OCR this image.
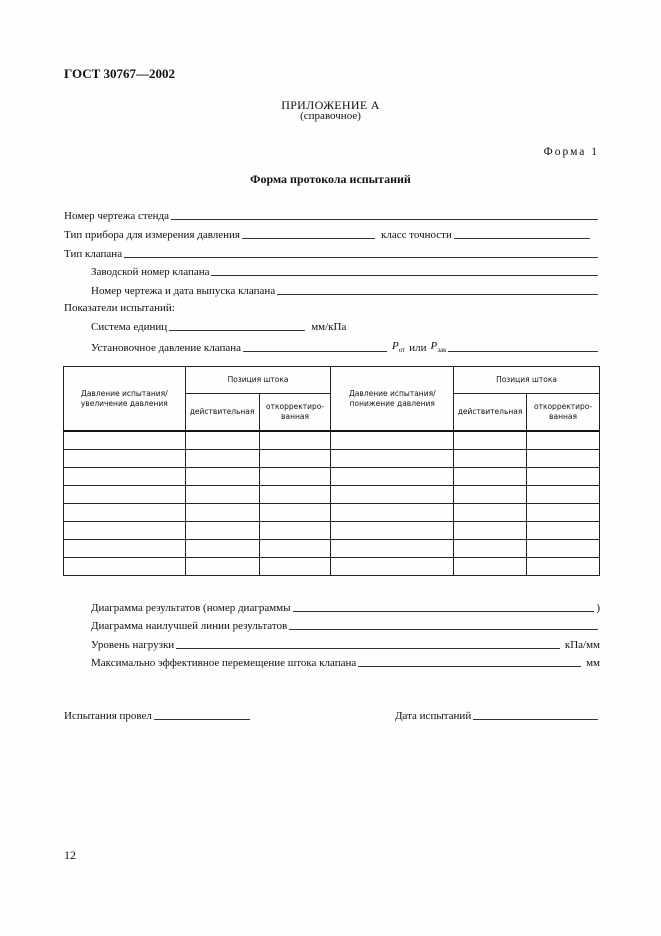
ГОСТ 30767—2002
ПРИЛОЖЕНИЕ А
(справочное)
Форма 1
Форма протокола испытаний
Номер чертежа стенда
Тип прибора для измерения давления	класс точности
Тип клапана
Заводской номер клапана
Номер чертежа и дата выпуска клапана
Показатели испытаний:
Система единиц	мм/кПа
Установочное давление клапана	$P_{от}$ или $P_{зак}$
Давление испытания/ увеличение давления	Позиция штока		Давление испытания/ понижение давления	Позиция штока	
	действительная	откорректиро-ванная		действительная	откорректиро-ванная

Диаграмма результатов (номер диаграммы	)
Диаграмма наилучшей линии результатов
Уровень нагрузки	кПа/мм
Максимально эффективное перемещение штока клапана	мм
Испытания провел	Дата испытаний
12
